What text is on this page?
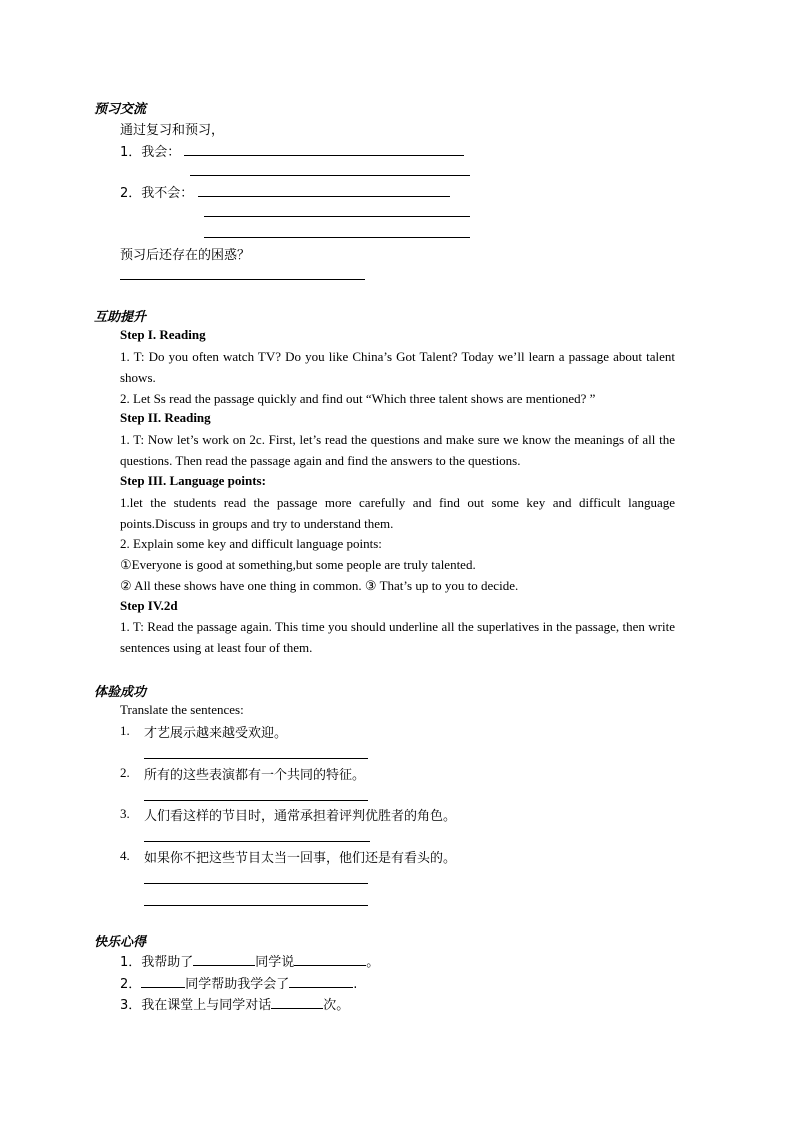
预习交流
通过复习和预习，
1．我会：
2．我不会：
预习后还存在的困惑？
互助提升
Step I. Reading
1. T: Do you often watch TV? Do you like China’s Got Talent? Today we’ll learn a passage about talent shows.
2. Let Ss read the passage quickly and find out “Which three talent shows are mentioned? ”
Step II. Reading
1. T: Now let’s work on 2c. First, let’s read the questions and make sure we know the meanings of all the questions. Then read the passage again and find the answers to the questions.
Step III. Language points:
1.let the students read the passage more carefully and find out some key and difficult language points.Discuss in groups and try to understand them.
2. Explain some key and difficult language points:
①Everyone is good at something,but some people are truly talented.
② All these shows have one thing in common. ③ That’s up to you to decide.
Step IV.2d
1. T: Read the passage again. This time you should underline all the superlatives in the passage, then write sentences using at least four of them.
体验成功
Translate the sentences:
1. 才艺展示越来越受欢迎。
2. 所有的这些表演都有一个共同的特征。
3. 人们看这样的节目时，通常承担着评判优胜者的角色。
4. 如果你不把这些节目太当一回事，他们还是有看头的。
快乐心得
1．我帮助了	同学说	。
2．	同学帮助我学会了	.
3．我在课堂上与同学对话	次。
